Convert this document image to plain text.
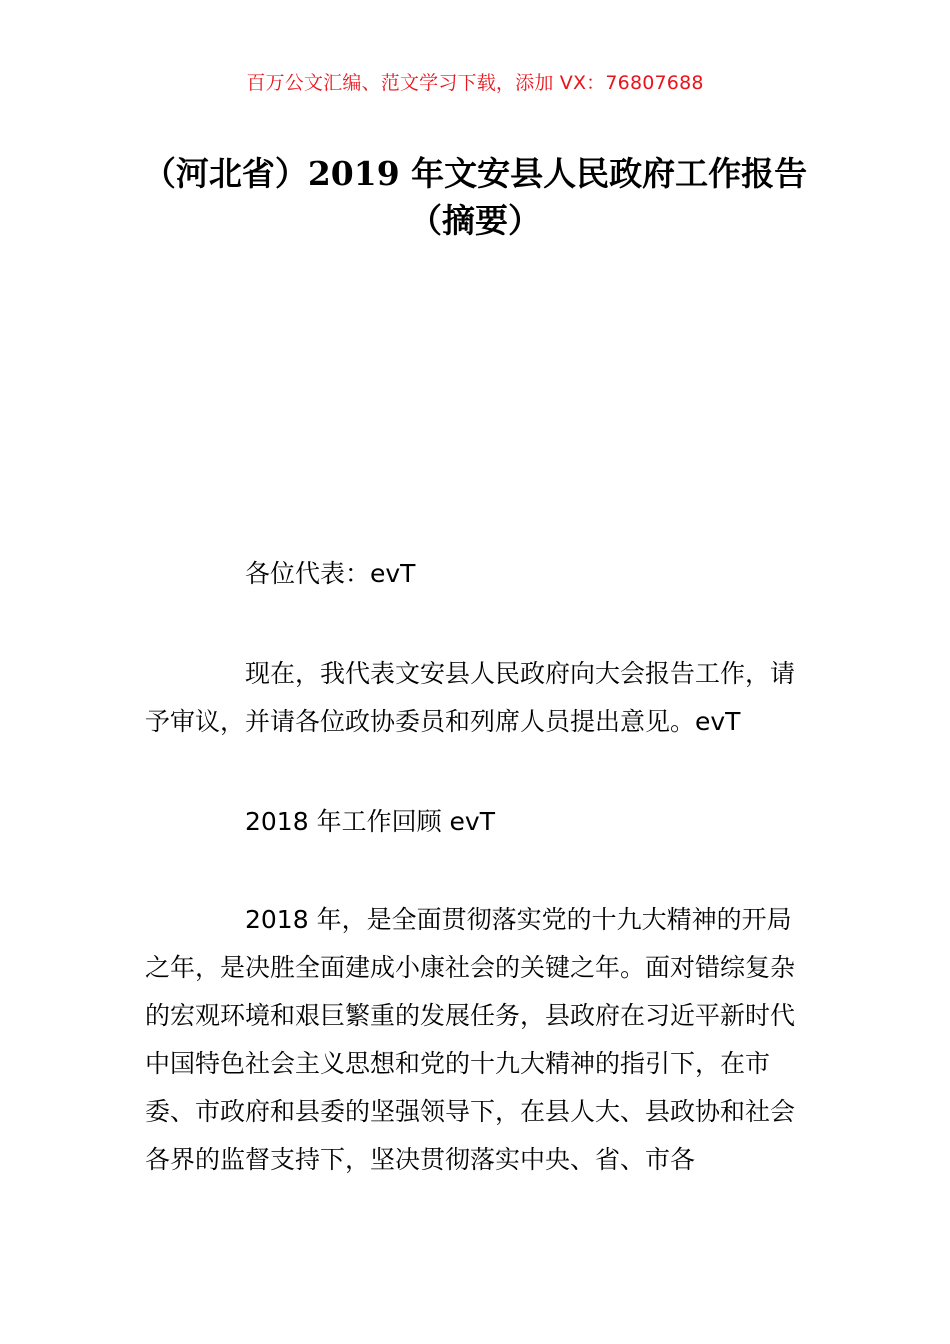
百万公文汇编、范文学习下载，添加 VX：76807688
（河北省）2019 年文安县人民政府工作报告（摘要）

各位代表：evT

现在，我代表文安县人民政府向大会报告工作，请予审议，并请各位政协委员和列席人员提出意见。evT

2018 年工作回顾 evT

2018 年，是全面贯彻落实党的十九大精神的开局之年，是决胜全面建成小康社会的关键之年。面对错综复杂的宏观环境和艰巨繁重的发展任务，县政府在习近平新时代中国特色社会主义思想和党的十九大精神的指引下，在市委、市政府和县委的坚强领导下，在县人大、县政协和社会各界的监督支持下，坚决贯彻落实中央、省、市各
